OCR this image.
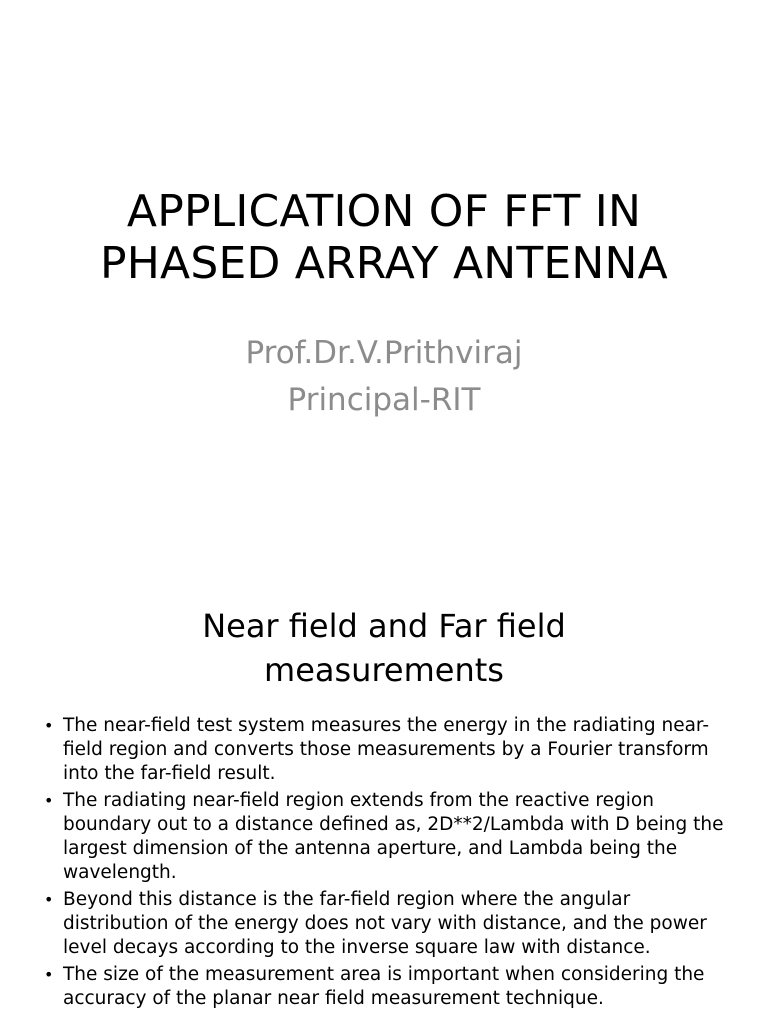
APPLICATION OF FFT IN
PHASED ARRAY ANTENNA
Prof.Dr.V.Prithviraj
Principal-RIT
Near field and Far field
measurements
• The near-field test system measures the energy in the radiating near-field region and converts those measurements by a Fourier transform into the far-field result.
• The radiating near-field region extends from the reactive region boundary out to a distance defined as, 2D**2/Lambda with D being the largest dimension of the antenna aperture, and Lambda being the wavelength.
• Beyond this distance is the far-field region where the angular distribution of the energy does not vary with distance, and the power level decays according to the inverse square law with distance.
• The size of the measurement area is important when considering the accuracy of the planar near field measurement technique.
